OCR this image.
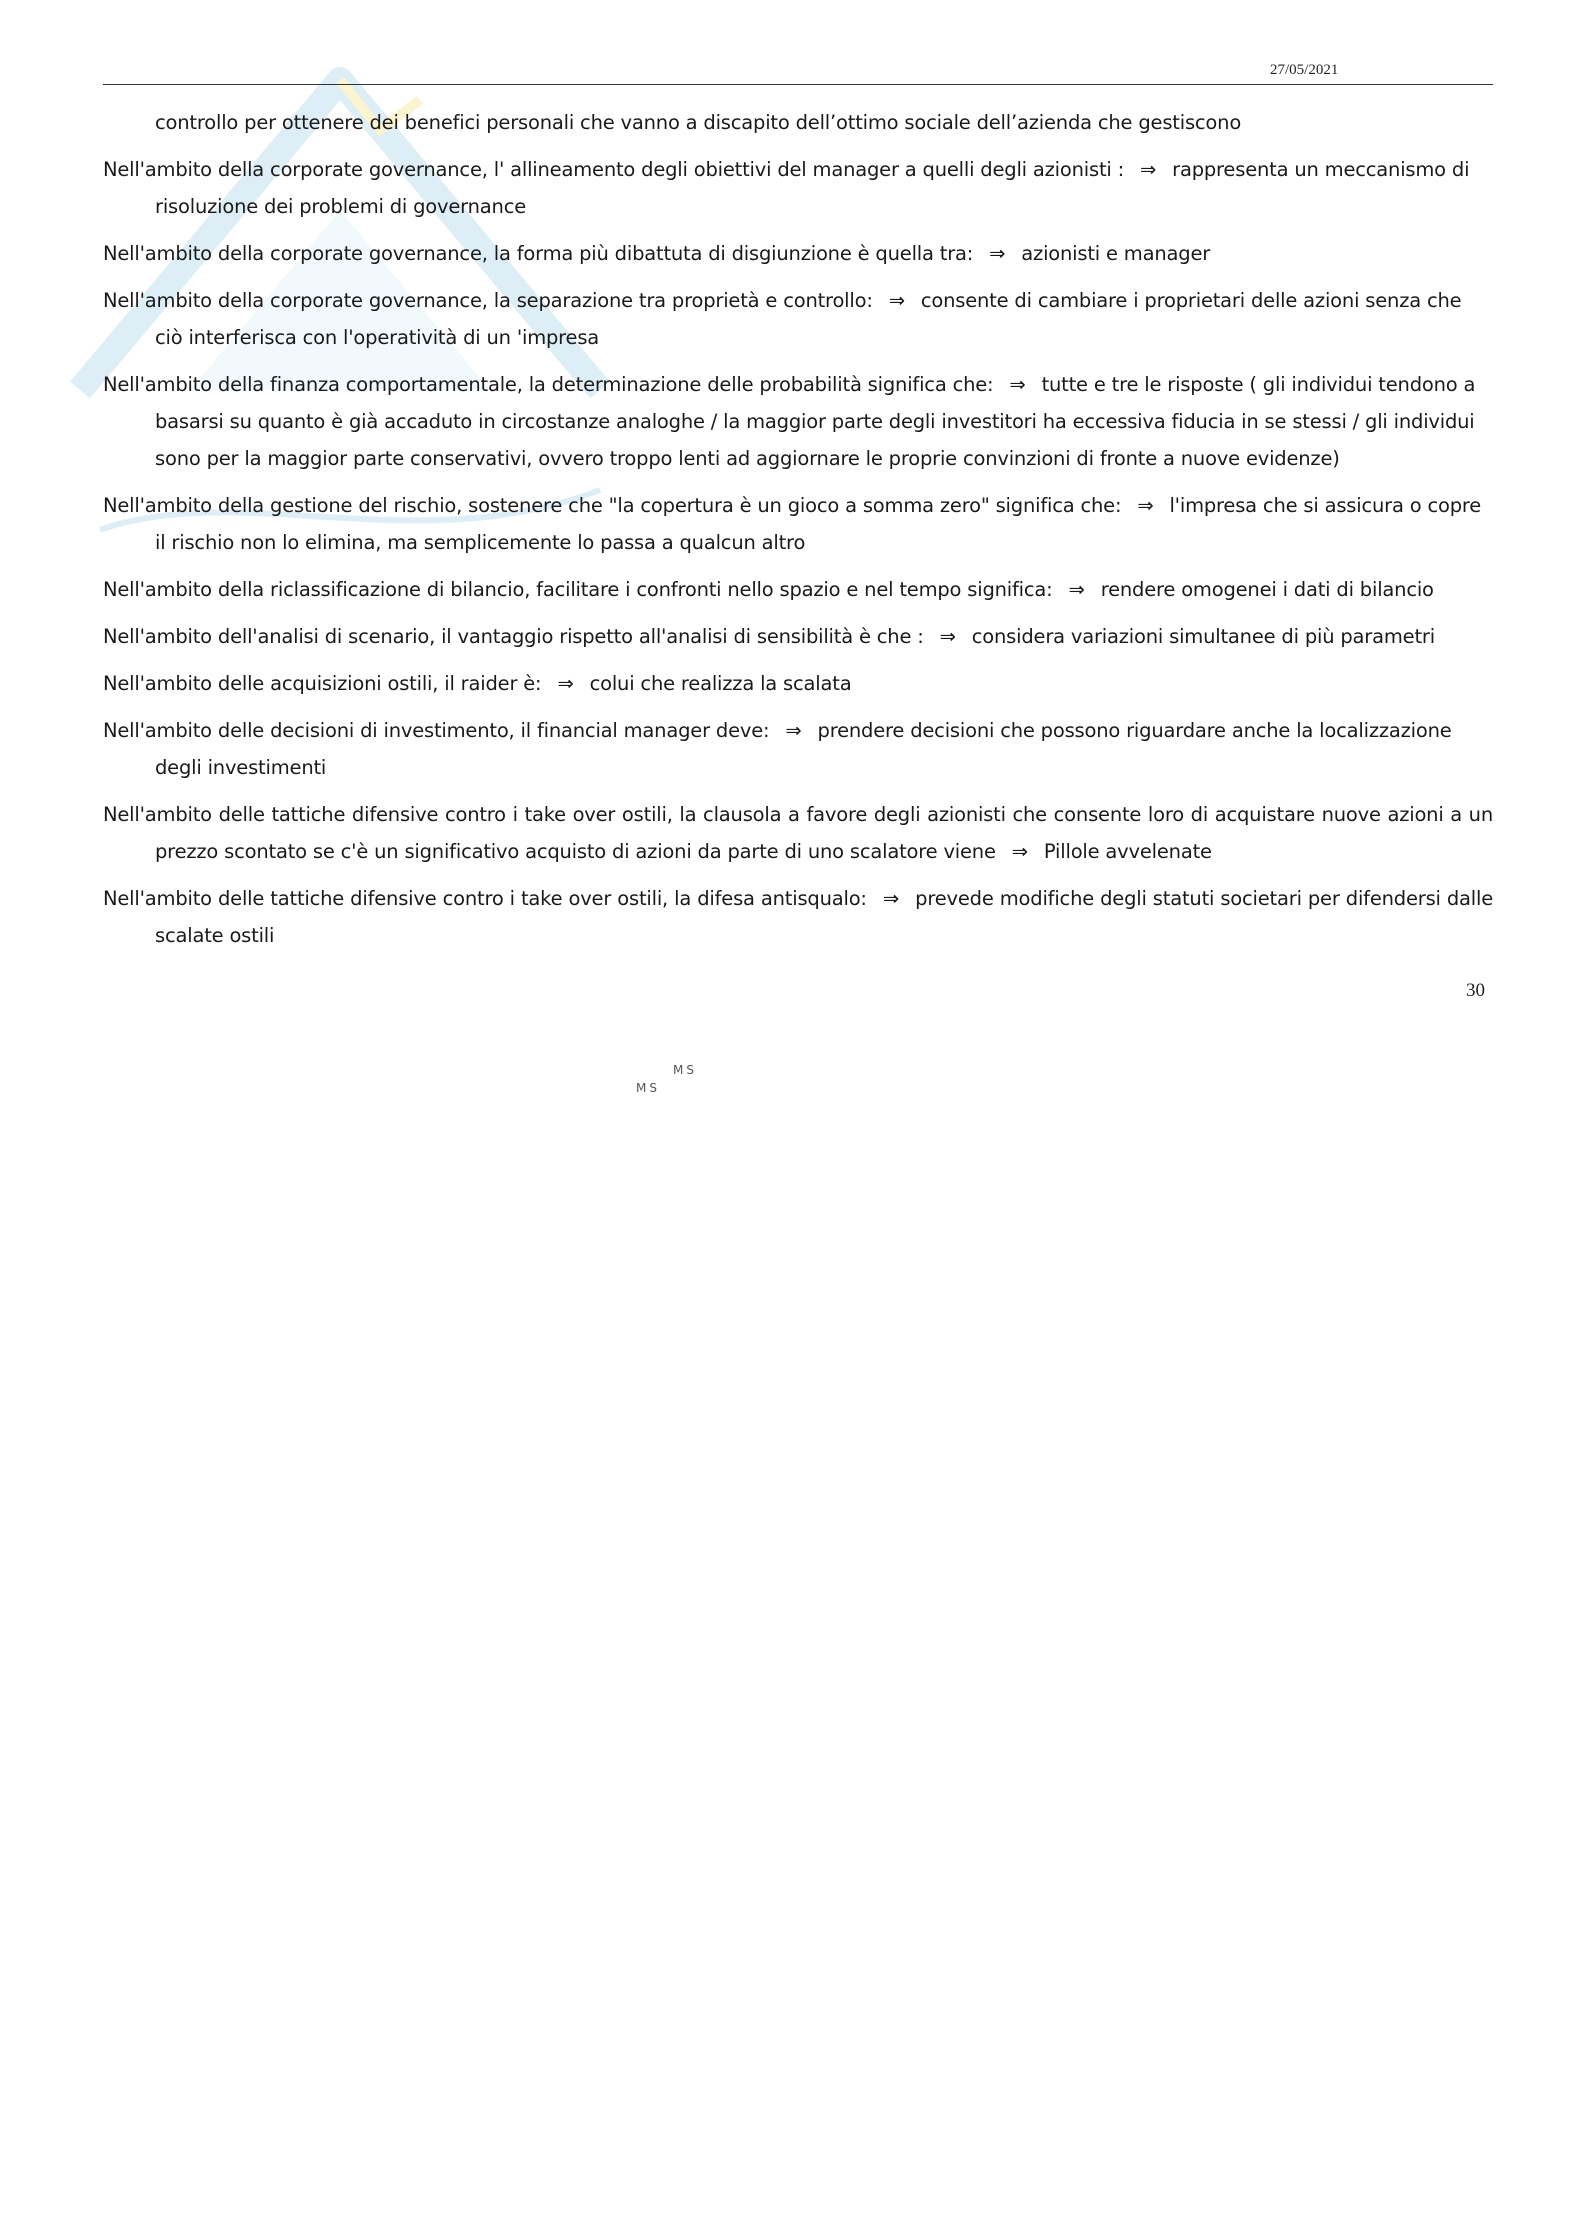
27/05/2021

controllo per ottenere dei benefici personali che vanno a discapito dell’ottimo sociale dell’azienda che gestiscono

Nell'ambito della corporate governance, l' allineamento degli obiettivi del manager a quelli degli azionisti : ⇒ rappresenta un meccanismo di risoluzione dei problemi di governance

Nell'ambito della corporate governance, la forma più dibattuta di disgiunzione è quella tra: ⇒ azionisti e manager

Nell'ambito della corporate governance, la separazione tra proprietà e controllo: ⇒ consente di cambiare i proprietari delle azioni senza che ciò interferisca con l'operatività di un 'impresa

Nell'ambito della finanza comportamentale, la determinazione delle probabilità significa che: ⇒ tutte e tre le risposte ( gli individui tendono a basarsi su quanto è già accaduto in circostanze analoghe / la maggior parte degli investitori ha eccessiva fiducia in se stessi / gli individui sono per la maggior parte conservativi, ovvero troppo lenti ad aggiornare le proprie convinzioni di fronte a nuove evidenze)

Nell'ambito della gestione del rischio, sostenere che "la copertura è un gioco a somma zero" significa che: ⇒ l'impresa che si assicura o copre il rischio non lo elimina, ma semplicemente lo passa a qualcun altro

Nell'ambito della riclassificazione di bilancio, facilitare i confronti nello spazio e nel tempo significa: ⇒ rendere omogenei i dati di bilancio

Nell'ambito dell'analisi di scenario, il vantaggio rispetto all'analisi di sensibilità è che : ⇒ considera variazioni simultanee di più parametri

Nell'ambito delle acquisizioni ostili, il raider è: ⇒ colui che realizza la scalata

Nell'ambito delle decisioni di investimento, il financial manager deve: ⇒ prendere decisioni che possono riguardare anche la localizzazione degli investimenti

Nell'ambito delle tattiche difensive contro i take over ostili, la clausola a favore degli azionisti che consente loro di acquistare nuove azioni a un prezzo scontato se c'è un significativo acquisto di azioni da parte di uno scalatore viene ⇒ Pillole avvelenate

Nell'ambito delle tattiche difensive contro i take over ostili, la difesa antisqualo: ⇒ prevede modifiche degli statuti societari per difendersi dalle scalate ostili

30
MS
MS
